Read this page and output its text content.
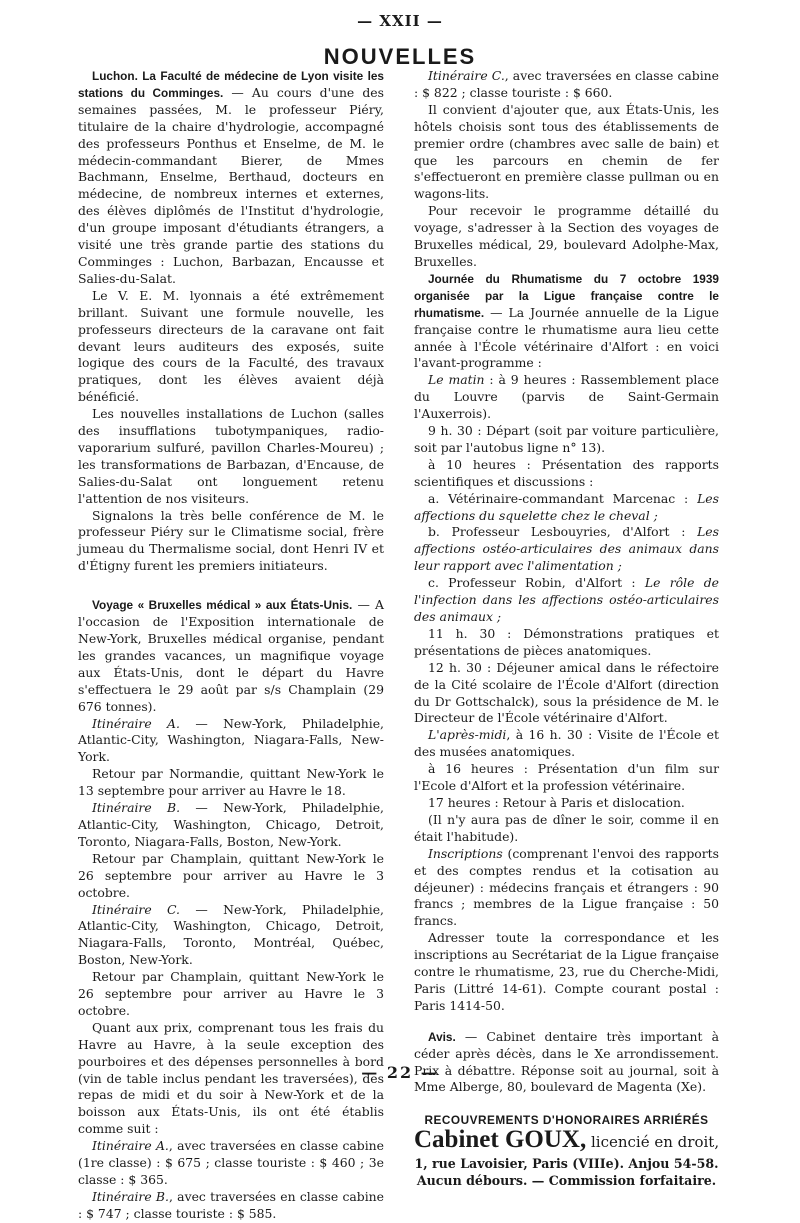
— XXII —
NOUVELLES

Luchon. La Faculté de médecine de Lyon visite les stations du Comminges. — Au cours d'une des semaines passées, M. le professeur Piéry, titulaire de la chaire d'hydrologie, accompagné des professeurs Ponthus et Enselme, de M. le médecin-commandant Bierer, de Mmes Bachmann, Enselme, Berthaud, docteurs en médecine, de nombreux internes et externes, des élèves diplômés de l'Institut d'hydrologie, d'un groupe imposant d'étudiants étrangers, a visité une très grande partie des stations du Comminges : Luchon, Barbazan, Encausse et Salies-du-Salat.

Le V. E. M. lyonnais a été extrêmement brillant. Suivant une formule nouvelle, les professeurs directeurs de la caravane ont fait devant leurs auditeurs des exposés, suite logique des cours de la Faculté, des travaux pratiques, dont les élèves avaient déjà bénéficié.

Les nouvelles installations de Luchon (salles des insufflations tubotympaniques, radio-vaporarium sulfuré, pavillon Charles-Moureu) ; les transformations de Barbazan, d'Encause, de Salies-du-Salat ont longuement retenu l'attention de nos visiteurs.

Signalons la très belle conférence de M. le professeur Piéry sur le Climatisme social, frère jumeau du Thermalisme social, dont Henri IV et d'Étigny furent les premiers initiateurs.

Voyage « Bruxelles médical » aux États-Unis. — A l'occasion de l'Exposition internationale de New-York, Bruxelles médical organise, pendant les grandes vacances, un magnifique voyage aux États-Unis, dont le départ du Havre s'effectuera le 29 août par s/s Champlain (29 676 tonnes).

Itinéraire A. — New-York, Philadelphie, Atlantic-City, Washington, Niagara-Falls, New-York.

Retour par Normandie, quittant New-York le 13 septembre pour arriver au Havre le 18.

Itinéraire B. — New-York, Philadelphie, Atlantic-City, Washington, Chicago, Detroit, Toronto, Niagara-Falls, Boston, New-York.

Retour par Champlain, quittant New-York le 26 septembre pour arriver au Havre le 3 octobre.

Itinéraire C. — New-York, Philadelphie, Atlantic-City, Washington, Chicago, Detroit, Niagara-Falls, Toronto, Montréal, Québec, Boston, New-York.

Retour par Champlain, quittant New-York le 26 septembre pour arriver au Havre le 3 octobre.

Quant aux prix, comprenant tous les frais du Havre au Havre, à la seule exception des pourboires et des dépenses personnelles à bord (vin de table inclus pendant les traversées), des repas de midi et du soir à New-York et de la boisson aux États-Unis, ils ont été établis comme suit :

Itinéraire A., avec traversées en classe cabine (1re classe) : $ 675 ; classe touriste : $ 460 ; 3e classe : $ 365.

Itinéraire B., avec traversées en classe cabine : $ 747 ; classe touriste : $ 585.

Itinéraire C., avec traversées en classe cabine : $ 822 ; classe touriste : $ 660.

Il convient d'ajouter que, aux États-Unis, les hôtels choisis sont tous des établissements de premier ordre (chambres avec salle de bain) et que les parcours en chemin de fer s'effectueront en première classe pullman ou en wagons-lits.

Pour recevoir le programme détaillé du voyage, s'adresser à la Section des voyages de Bruxelles médical, 29, boulevard Adolphe-Max, Bruxelles.

Journée du Rhumatisme du 7 octobre 1939 organisée par la Ligue française contre le rhumatisme. — La Journée annuelle de la Ligue française contre le rhumatisme aura lieu cette année à l'École vétérinaire d'Alfort : en voici l'avant-programme :

Le matin : à 9 heures : Rassemblement place du Louvre (parvis de Saint-Germain l'Auxerrois).

9 h. 30 : Départ (soit par voiture particulière, soit par l'autobus ligne n° 13).

à 10 heures : Présentation des rapports scientifiques et discussions :

a. Vétérinaire-commandant Marcenac : Les affections du squelette chez le cheval ;

b. Professeur Lesbouyries, d'Alfort : Les affections ostéo-articulaires des animaux dans leur rapport avec l'alimentation ;

c. Professeur Robin, d'Alfort : Le rôle de l'infection dans les affections ostéo-articulaires des animaux ;

11 h. 30 : Démonstrations pratiques et présentations de pièces anatomiques.

12 h. 30 : Déjeuner amical dans le réfectoire de la Cité scolaire de l'École d'Alfort (direction du Dr Gottschalck), sous la présidence de M. le Directeur de l'École vétérinaire d'Alfort.

L'après-midi, à 16 h. 30 : Visite de l'École et des musées anatomiques.

à 16 heures : Présentation d'un film sur l'Ecole d'Alfort et la profession vétérinaire.

17 heures : Retour à Paris et dislocation.

(Il n'y aura pas de dîner le soir, comme il en était l'habitude).

Inscriptions (comprenant l'envoi des rapports et des comptes rendus et la cotisation au déjeuner) : médecins français et étrangers : 90 francs ; membres de la Ligue française : 50 francs.

Adresser toute la correspondance et les inscriptions au Secrétariat de la Ligue française contre le rhumatisme, 23, rue du Cherche-Midi, Paris (Littré 14-61). Compte courant postal : Paris 1414-50.

Avis. — Cabinet dentaire très important à céder après décès, dans le Xe arrondissement. Prix à débattre. Réponse soit au journal, soit à Mme Alberge, 80, boulevard de Magenta (Xe).

RECOUVREMENTS D'HONORAIRES ARRIÉRÉS
Cabinet GOUX, licencié en droit,
1, rue Lavoisier, Paris (VIIIe). Anjou 54-58.
Aucun débours. — Commission forfaitaire.
— 22 —
